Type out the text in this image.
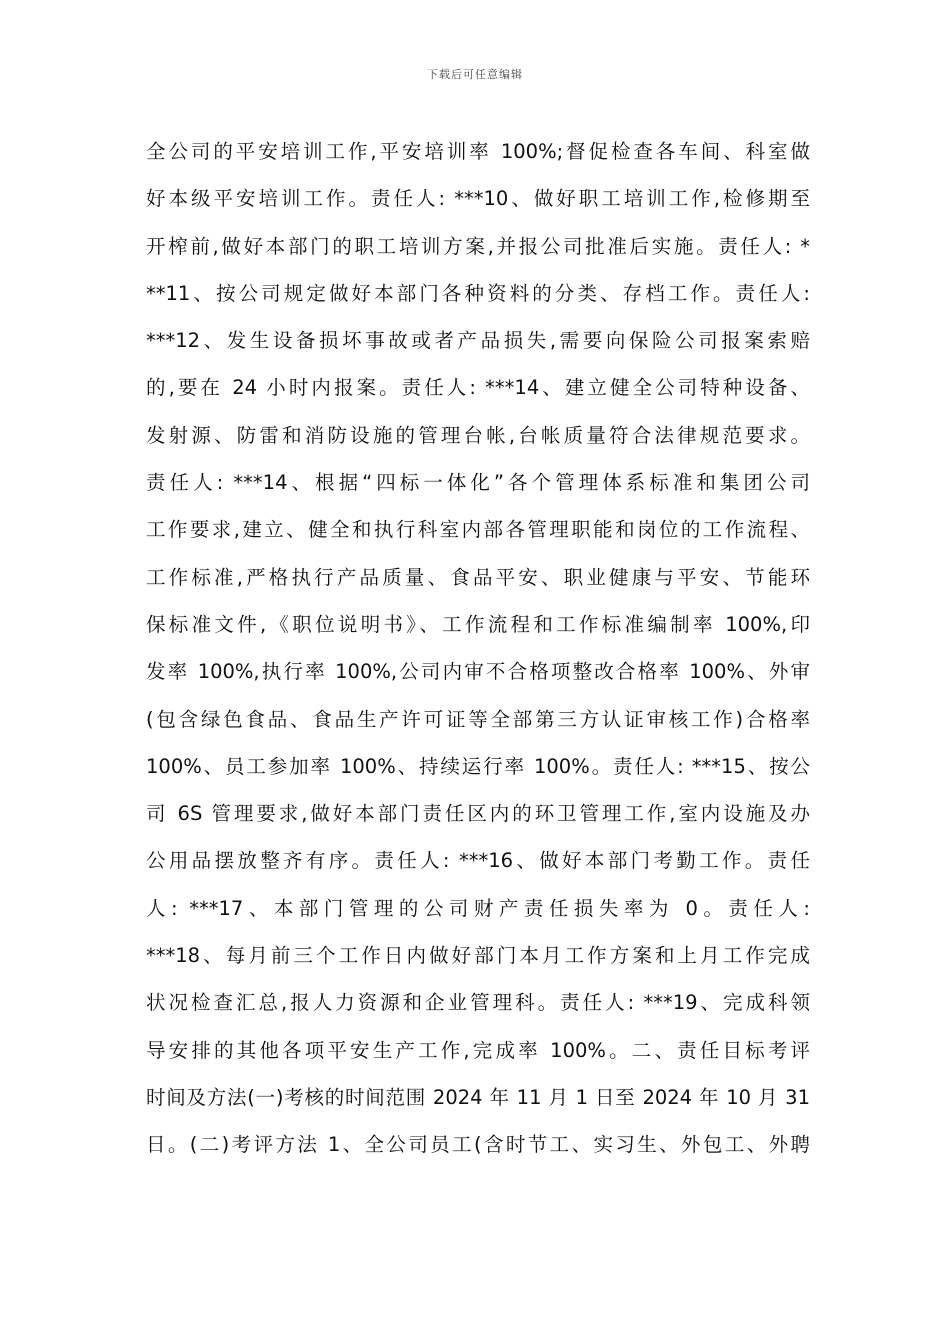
下载后可任意编辑
全公司的平安培训工作,平安培训率 100%;督促检查各车间、科室做
好本级平安培训工作。责任人: ***10、做好职工培训工作,检修期至
开榨前,做好本部门的职工培训方案,并报公司批准后实施。责任人: *
**11、按公司规定做好本部门各种资料的分类、存档工作。责任人:
***12、发生设备损坏事故或者产品损失,需要向保险公司报案索赔
的,要在 24 小时内报案。责任人: ***14、建立健全公司特种设备、
发射源、防雷和消防设施的管理台帐,台帐质量符合法律规范要求。
责任人: ***14、根据“四标一体化”各个管理体系标准和集团公司
工作要求,建立、健全和执行科室内部各管理职能和岗位的工作流程、
工作标准,严格执行产品质量、食品平安、职业健康与平安、节能环
保标准文件,《职位说明书》、工作流程和工作标准编制率 100%,印
发率 100%,执行率 100%,公司内审不合格项整改合格率 100%、外审
(包含绿色食品、食品生产许可证等全部第三方认证审核工作)合格率
100%、员工参加率 100%、持续运行率 100%。责任人: ***15、按公
司 6S 管理要求,做好本部门责任区内的环卫管理工作,室内设施及办
公用品摆放整齐有序。责任人: ***16、做好本部门考勤工作。责任
人: ***17、本部门管理的公司财产责任损失率为 0。责任人:
***18、每月前三个工作日内做好部门本月工作方案和上月工作完成
状况检查汇总,报人力资源和企业管理科。责任人: ***19、完成科领
导安排的其他各项平安生产工作,完成率 100%。二、责任目标考评
时间及方法(一)考核的时间范围 2024 年 11 月 1 日至 2024 年 10 月 31
日。(二)考评方法 1、全公司员工(含时节工、实习生、外包工、外聘
